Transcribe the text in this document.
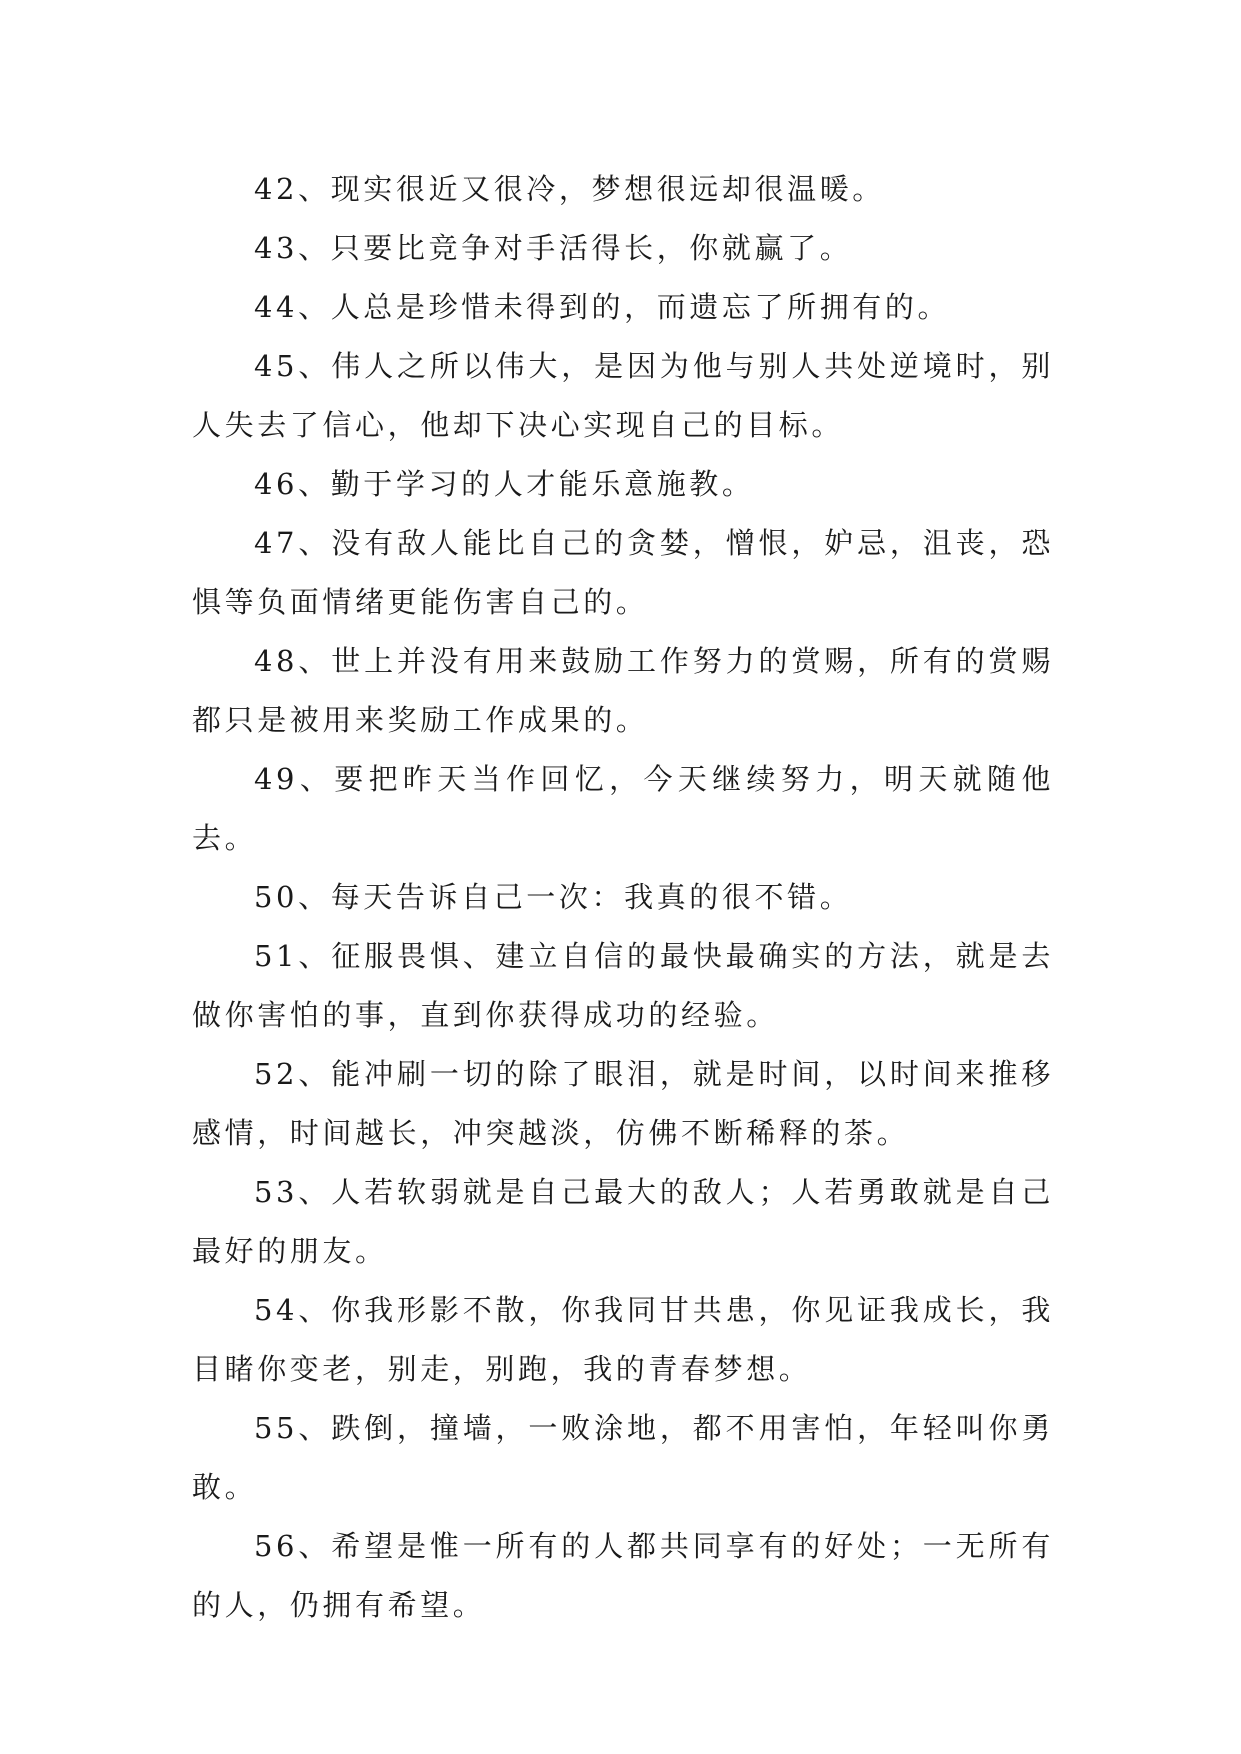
42、现实很近又很冷，梦想很远却很温暖。

43、只要比竞争对手活得长，你就赢了。

44、人总是珍惜未得到的，而遗忘了所拥有的。

45、伟人之所以伟大，是因为他与别人共处逆境时，别人失去了信心，他却下决心实现自己的目标。

46、勤于学习的人才能乐意施教。

47、没有敌人能比自己的贪婪，憎恨，妒忌，沮丧，恐惧等负面情绪更能伤害自己的。

48、世上并没有用来鼓励工作努力的赏赐，所有的赏赐都只是被用来奖励工作成果的。

49、要把昨天当作回忆，今天继续努力，明天就随他去。

50、每天告诉自己一次：我真的很不错。

51、征服畏惧、建立自信的最快最确实的方法，就是去做你害怕的事，直到你获得成功的经验。

52、能冲刷一切的除了眼泪，就是时间，以时间来推移感情，时间越长，冲突越淡，仿佛不断稀释的茶。

53、人若软弱就是自己最大的敌人；人若勇敢就是自己最好的朋友。

54、你我形影不散，你我同甘共患，你见证我成长，我目睹你变老，别走，别跑，我的青春梦想。

55、跌倒，撞墙，一败涂地，都不用害怕，年轻叫你勇敢。

56、希望是惟一所有的人都共同享有的好处；一无所有的人，仍拥有希望。
